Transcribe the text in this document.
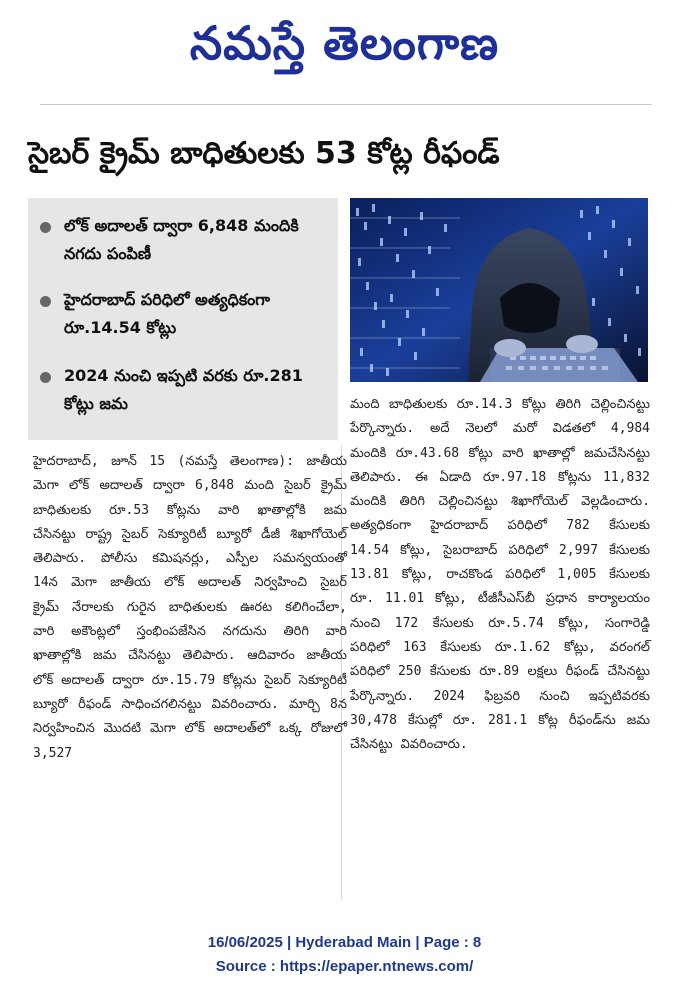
నమస్తే తెలంగాణ
సైబర్ క్రైమ్ బాధితులకు 53 కోట్ల రీఫండ్
లోక్ అదాలత్ ద్వారా 6,848 మందికి నగదు పంపిణీ
హైదరాబాద్ పరిధిలో అత్యధికంగా రూ.14.54 కోట్లు
2024 నుంచి ఇప్పటి వరకు రూ.281 కోట్లు జమ
హైదరాబాద్, జూన్ 15 (నమస్తే తెలంగాణ): జాతీయ మెగా లోక్ అదాలత్ ద్వారా 6,848 మంది సైబర్ క్రైమ్ బాధితులకు రూ.53 కోట్లను వారి ఖాతాల్లోకి జమ చేసినట్టు రాష్ట్ర సైబర్ సెక్యూరిటీ బ్యూరో డీజీ శిఖాగోయెల్ తెలిపారు. పోలీసు కమిషనర్లు, ఎస్పీల సమన్వయంతో 14న మెగా జాతీయ లోక్ అదాలత్ నిర్వహించి సైబర్ క్రైమ్ నేరాలకు గురైన బాధితులకు ఊరట కలిగించేలా, వారి అకౌంట్లలో స్తంభింపజేసిన నగదును తిరిగి వారి ఖాతాల్లోకి జమ చేసినట్టు తెలిపారు. ఆదివారం జాతీయ లోక్ అదాలత్ ద్వారా రూ.15.79 కోట్లను సైబర్ సెక్యూరిటీ బ్యూరో రీఫండ్ సాధించగలినట్టు వివరించారు. మార్చి 8న నిర్వహించిన మొదటి మెగా లోక్ అదాలత్‌లో ఒక్క రోజులో 3,527
మంది బాధితులకు రూ.14.3 కోట్లు తిరిగి చెల్లించినట్టు పేర్కొన్నారు. అదే నెలలో మరో విడతలో 4,984 మందికి రూ.43.68 కోట్లు వారి ఖాతాల్లో జమచేసినట్టు తెలిపారు. ఈ ఏడాది రూ.97.18 కోట్లను 11,832 మందికి తిరిగి చెల్లించినట్టు శిఖాగోయెల్ వెల్లడించారు. అత్యధికంగా హైదరాబాద్ పరిధిలో 782 కేసులకు 14.54 కోట్లు, సైబరాబాద్ పరిధిలో 2,997 కేసులకు 13.81 కోట్లు, రాచకొండ పరిధిలో 1,005 కేసులకు రూ. 11.01 కోట్లు, టీజీసీఎస్‌బీ ప్రధాన కార్యాలయం నుంచి 172 కేసులకు రూ.5.74 కోట్లు, సంగారెడ్డి పరిధిలో 163 కేసులకు రూ.1.62 కోట్లు, వరంగల్ పరిధిలో 250 కేసులకు రూ.89 లక్షలు రీఫండ్ చేసినట్టు పేర్కొన్నారు. 2024 ఫిబ్రవరి నుంచి ఇప్పటివరకు 30,478 కేసుల్లో రూ. 281.1 కోట్ల రీఫండ్‌ను జమ చేసినట్టు వివరించారు.
16/06/2025 | Hyderabad Main | Page : 8
Source : https://epaper.ntnews.com/
